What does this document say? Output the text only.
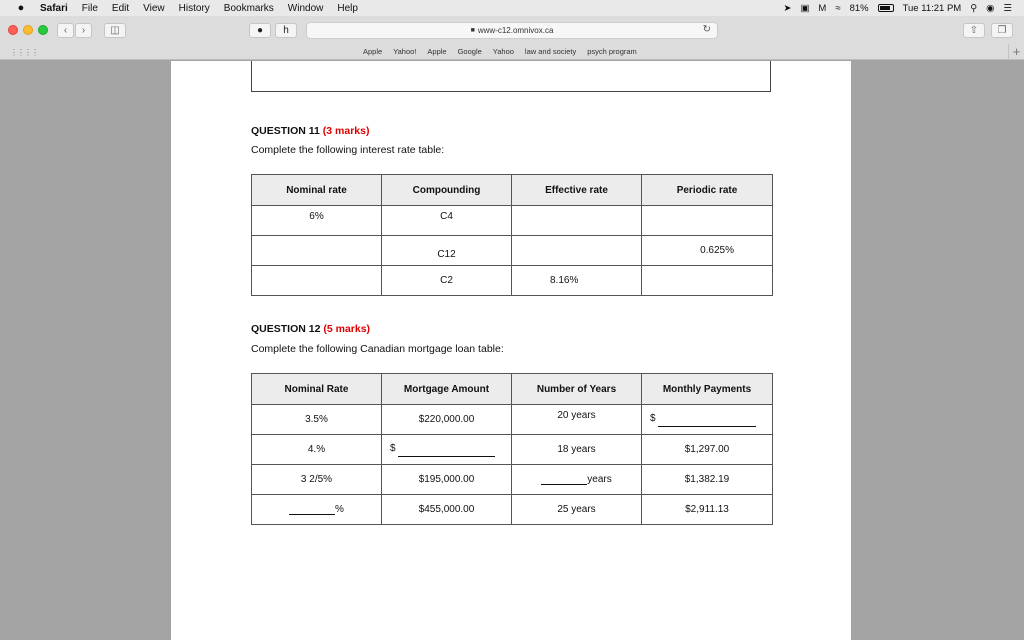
●	Safari File Edit View History Bookmarks Window Help	➤ ▣ M ≈ 81%	Tue 11:21 PM ⚲ ◉ ☰
‹ ›	◫	● h	■ www-c12.omnivox.ca	↻	⇧ ❐
⋮⋮⋮⋮	Apple Yahoo! Apple Google Yahoo law and society psych program	+
QUESTION 11 (3 marks)
Complete the following interest rate table:
Nominal rate	Compounding	Effective rate	Periodic rate
6%	C4		
	C12		0.625%
	C2	8.16%	
QUESTION 12 (5 marks)
Complete the following Canadian mortgage loan table:
Nominal Rate	Mortgage Amount	Number of Years	Monthly Payments
3.5%	$220,000.00	20 years	$

4.%	$	18 years	$1,297.00
3 2/5%	$195,000.00	years	$1,382.19
%	$455,000.00	25 years	$2,911.13
